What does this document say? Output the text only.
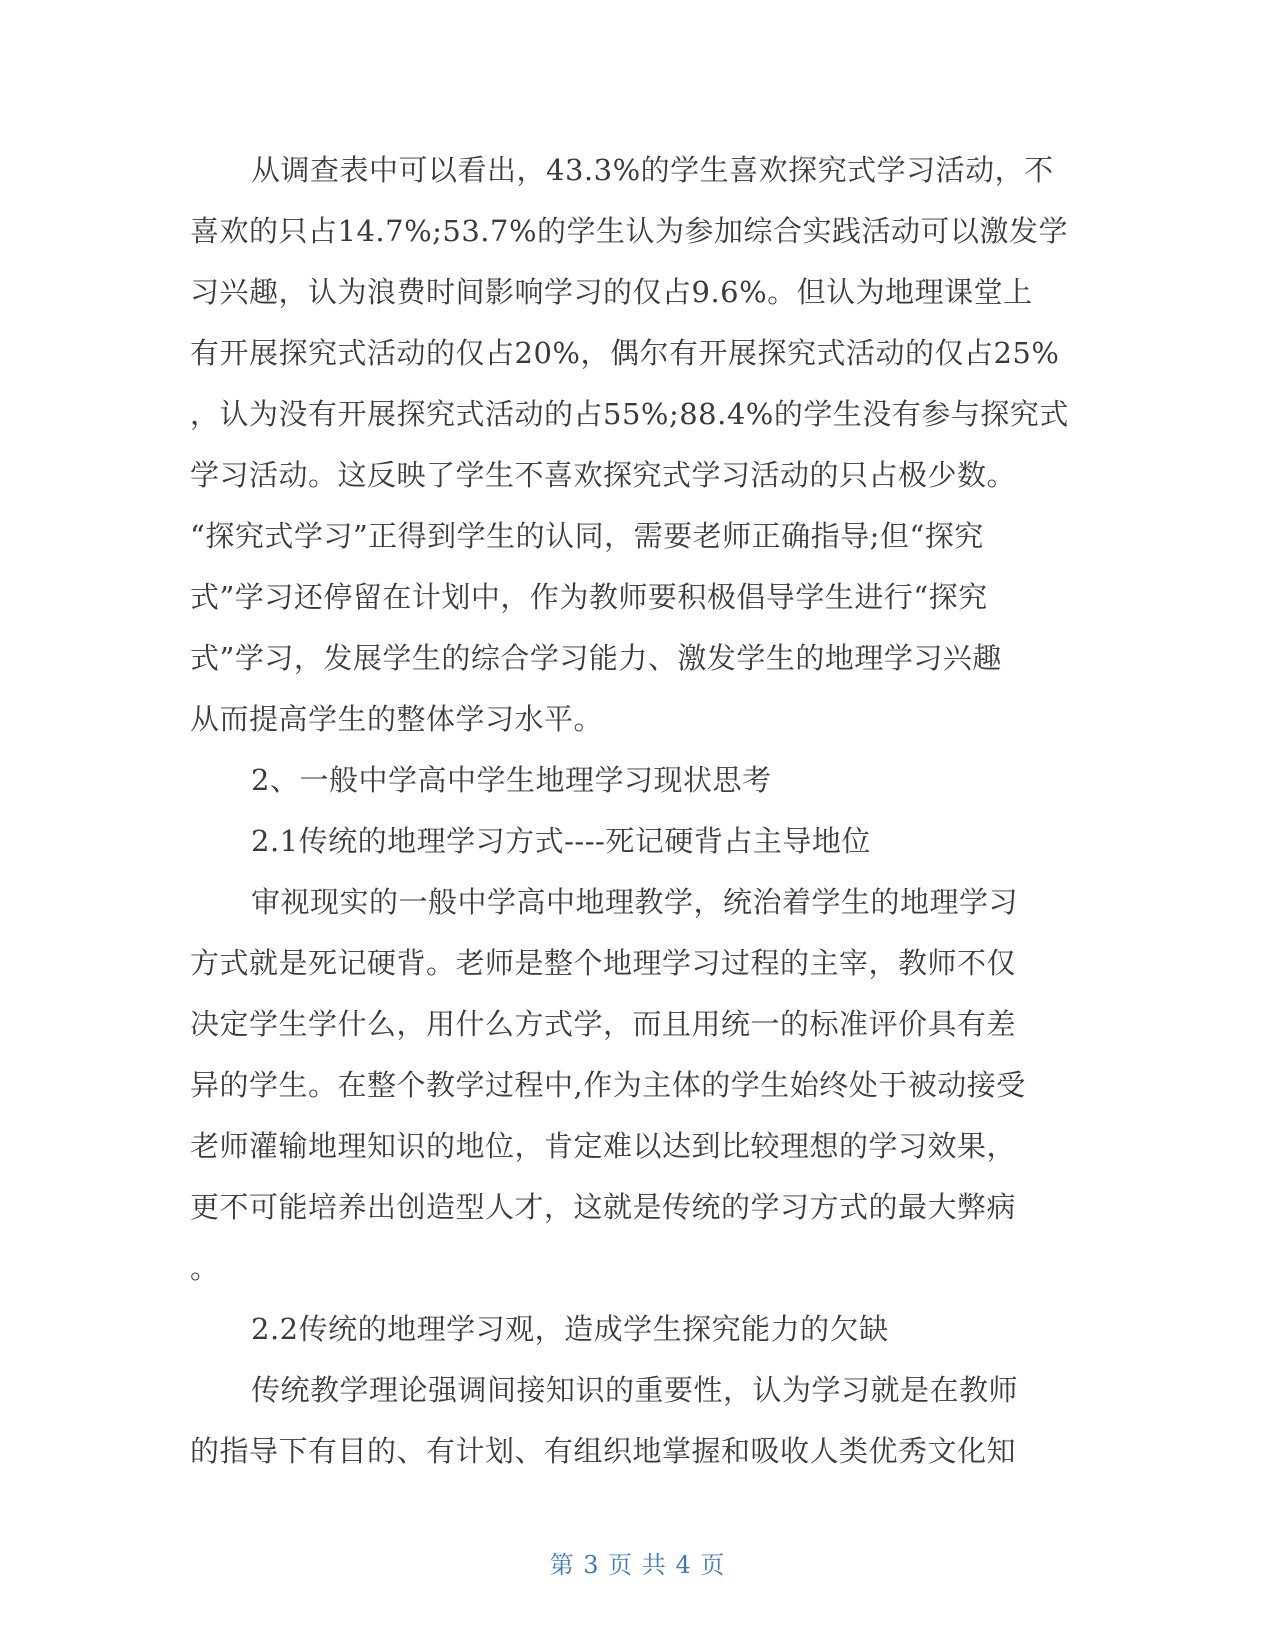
从调查表中可以看出，43.3%的学生喜欢探究式学习活动，不
喜欢的只占14.7%;53.7%的学生认为参加综合实践活动可以激发学
习兴趣，认为浪费时间影响学习的仅占9.6%。但认为地理课堂上
有开展探究式活动的仅占20%，偶尔有开展探究式活动的仅占25%
，认为没有开展探究式活动的占55%;88.4%的学生没有参与探究式
学习活动。这反映了学生不喜欢探究式学习活动的只占极少数。
“探究式学习”正得到学生的认同，需要老师正确指导;但“探究
式”学习还停留在计划中，作为教师要积极倡导学生进行“探究
式”学习，发展学生的综合学习能力、激发学生的地理学习兴趣
从而提高学生的整体学习水平。
2、一般中学高中学生地理学习现状思考
2.1传统的地理学习方式----死记硬背占主导地位
审视现实的一般中学高中地理教学，统治着学生的地理学习
方式就是死记硬背。老师是整个地理学习过程的主宰，教师不仅
决定学生学什么，用什么方式学，而且用统一的标准评价具有差
异的学生。在整个教学过程中,作为主体的学生始终处于被动接受
老师灌输地理知识的地位，肯定难以达到比较理想的学习效果，
更不可能培养出创造型人才，这就是传统的学习方式的最大弊病
。
2.2传统的地理学习观，造成学生探究能力的欠缺
传统教学理论强调间接知识的重要性，认为学习就是在教师
的指导下有目的、有计划、有组织地掌握和吸收人类优秀文化知
第 3 页 共 4 页
